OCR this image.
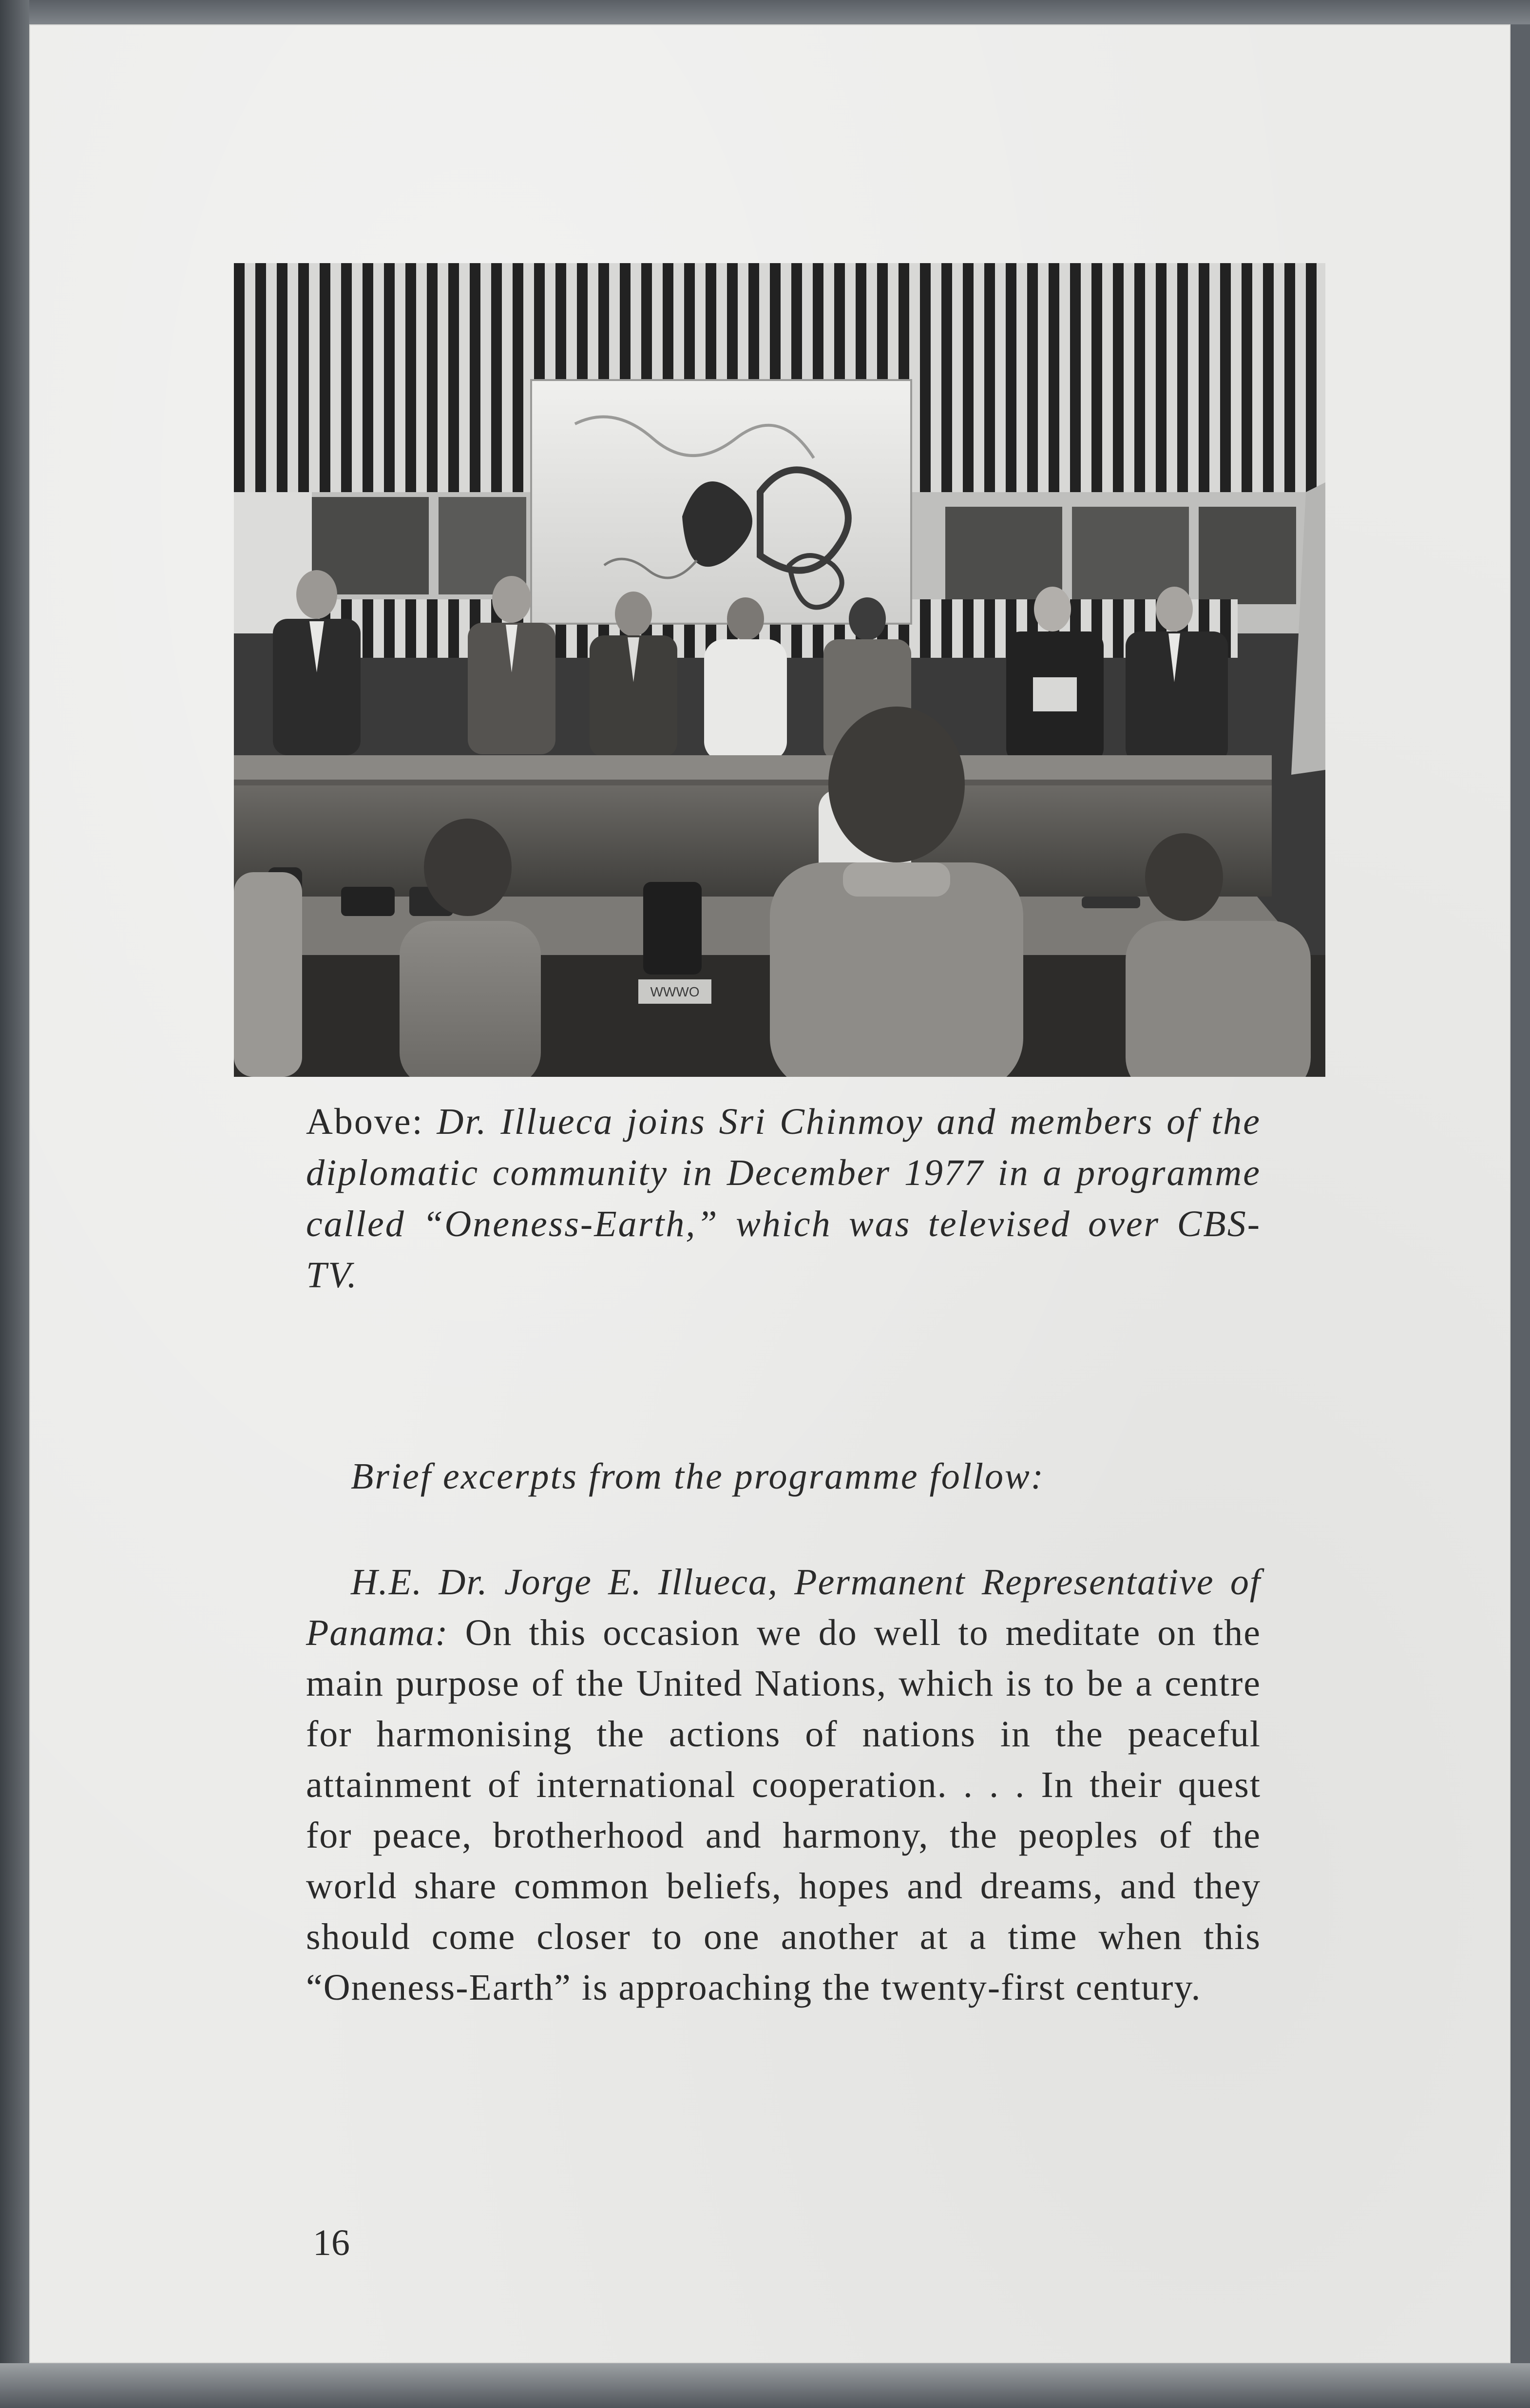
WWWO
Above: Dr. Illueca joins Sri Chinmoy and members of the diplomatic community in December 1977 in a programme called “Oneness-Earth,” which was televised over CBS-TV.
Brief excerpts from the programme follow:
H.E. Dr. Jorge E. Illueca, Permanent Representative of Panama: On this occasion we do well to meditate on the main purpose of the United Nations, which is to be a centre for harmonising the actions of nations in the peaceful attainment of international cooperation. . . . In their quest for peace, brotherhood and harmony, the peoples of the world share common beliefs, hopes and dreams, and they should come closer to one another at a time when this “Oneness-Earth” is approaching the twenty-first century.
16
